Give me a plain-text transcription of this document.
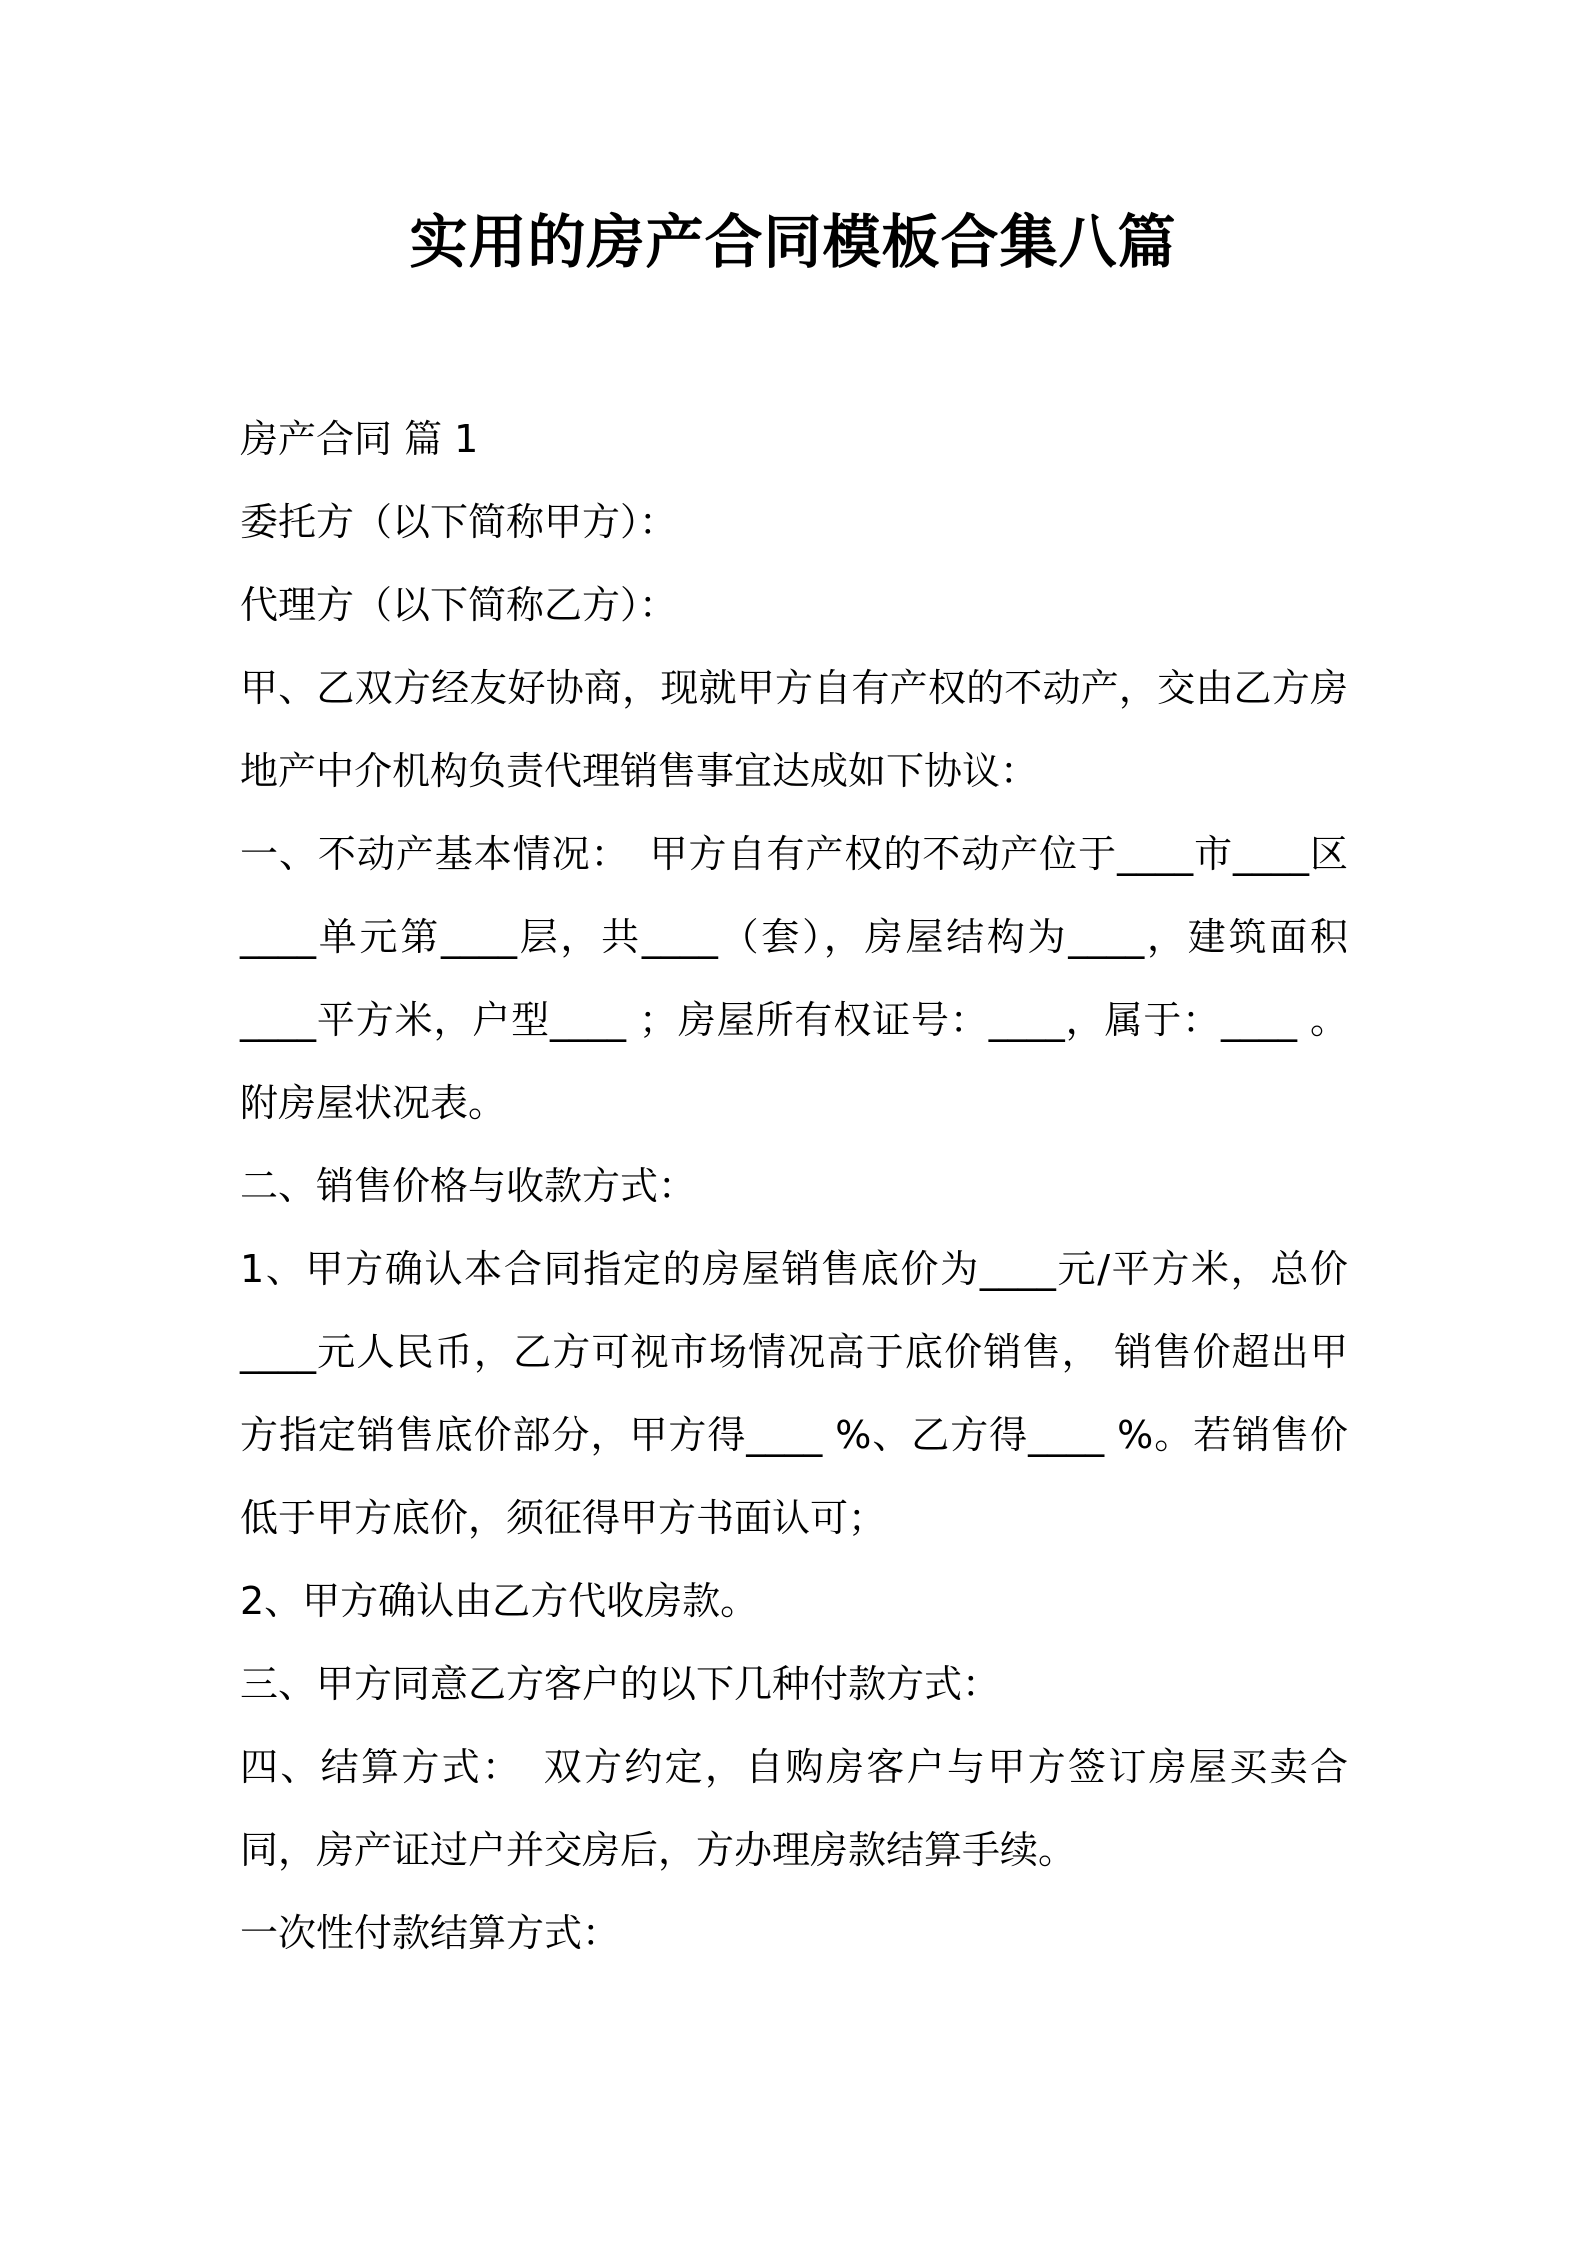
实用的房产合同模板合集八篇

房产合同 篇 1

委托方（以下简称甲方）：

代理方（以下简称乙方）：

甲、乙双方经友好协商，现就甲方自有产权的不动产，交由乙方房地产中介机构负责代理销售事宜达成如下协议：

一、不动产基本情况：　甲方自有产权的不动产位于____市____区____单元第____层，共____（套），房屋结构为____，建筑面积____平方米，户型____ ；房屋所有权证号：____，属于：____ 。附房屋状况表。

二、销售价格与收款方式：

1、甲方确认本合同指定的房屋销售底价为____元/平方米，总价____元人民币，乙方可视市场情况高于底价销售， 销售价超出甲方指定销售底价部分，甲方得____ %、乙方得____ %。若销售价低于甲方底价，须征得甲方书面认可；

2、甲方确认由乙方代收房款。

三、甲方同意乙方客户的以下几种付款方式：

四、结算方式：　双方约定，自购房客户与甲方签订房屋买卖合同，房产证过户并交房后，方办理房款结算手续。

一次性付款结算方式：
